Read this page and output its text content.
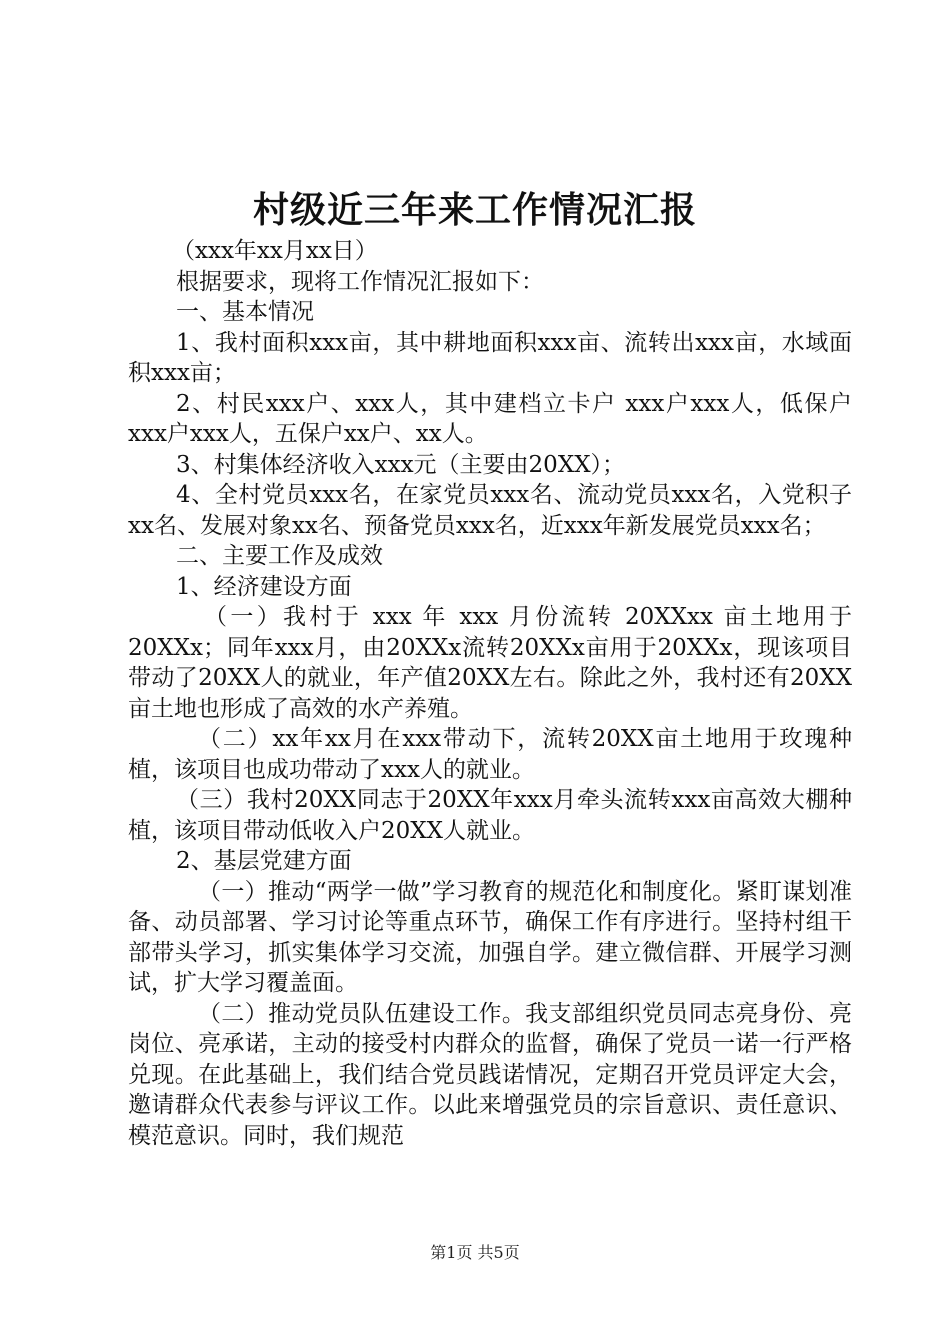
村级近三年来工作情况汇报

（xxx年xx月xx日）

根据要求，现将工作情况汇报如下：

一、基本情况

1、我村面积xxx亩，其中耕地面积xxx亩、流转出xxx亩，水域面积xxx亩；

2、村民xxx户、xxx人，其中建档立卡户 xxx户xxx人，低保户xxx户xxx人，五保户xx户、xx人。

3、村集体经济收入xxx元（主要由20XX）；

4、全村党员xxx名，在家党员xxx名、流动党员xxx名，入党积子xx名、发展对象xx名、预备党员xxx名，近xxx年新发展党员xxx名；

二、主要工作及成效

1、经济建设方面

（一）我村于 xxx 年 xxx 月份流转 20XXxx 亩土地用于20XXx；同年xxx月，由20XXx流转20XXx亩用于20XXx，现该项目带动了20XX人的就业，年产值20XX左右。除此之外，我村还有20XX亩土地也形成了高效的水产养殖。

（二）xx年xx月在xxx带动下，流转20XX亩土地用于玫瑰种植，该项目也成功带动了xxx人的就业。

（三）我村20XX同志于20XX年xxx月牵头流转xxx亩高效大棚种植，该项目带动低收入户20XX人就业。

2、基层党建方面

（一）推动“两学一做”学习教育的规范化和制度化。紧盯谋划准备、动员部署、学习讨论等重点环节，确保工作有序进行。坚持村组干部带头学习，抓实集体学习交流，加强自学。建立微信群、开展学习测试，扩大学习覆盖面。

（二）推动党员队伍建设工作。我支部组织党员同志亮身份、亮岗位、亮承诺，主动的接受村内群众的监督，确保了党员一诺一行严格兑现。在此基础上，我们结合党员践诺情况，定期召开党员评定大会，邀请群众代表参与评议工作。以此来增强党员的宗旨意识、责任意识、模范意识。同时，我们规范

第1页 共5页
